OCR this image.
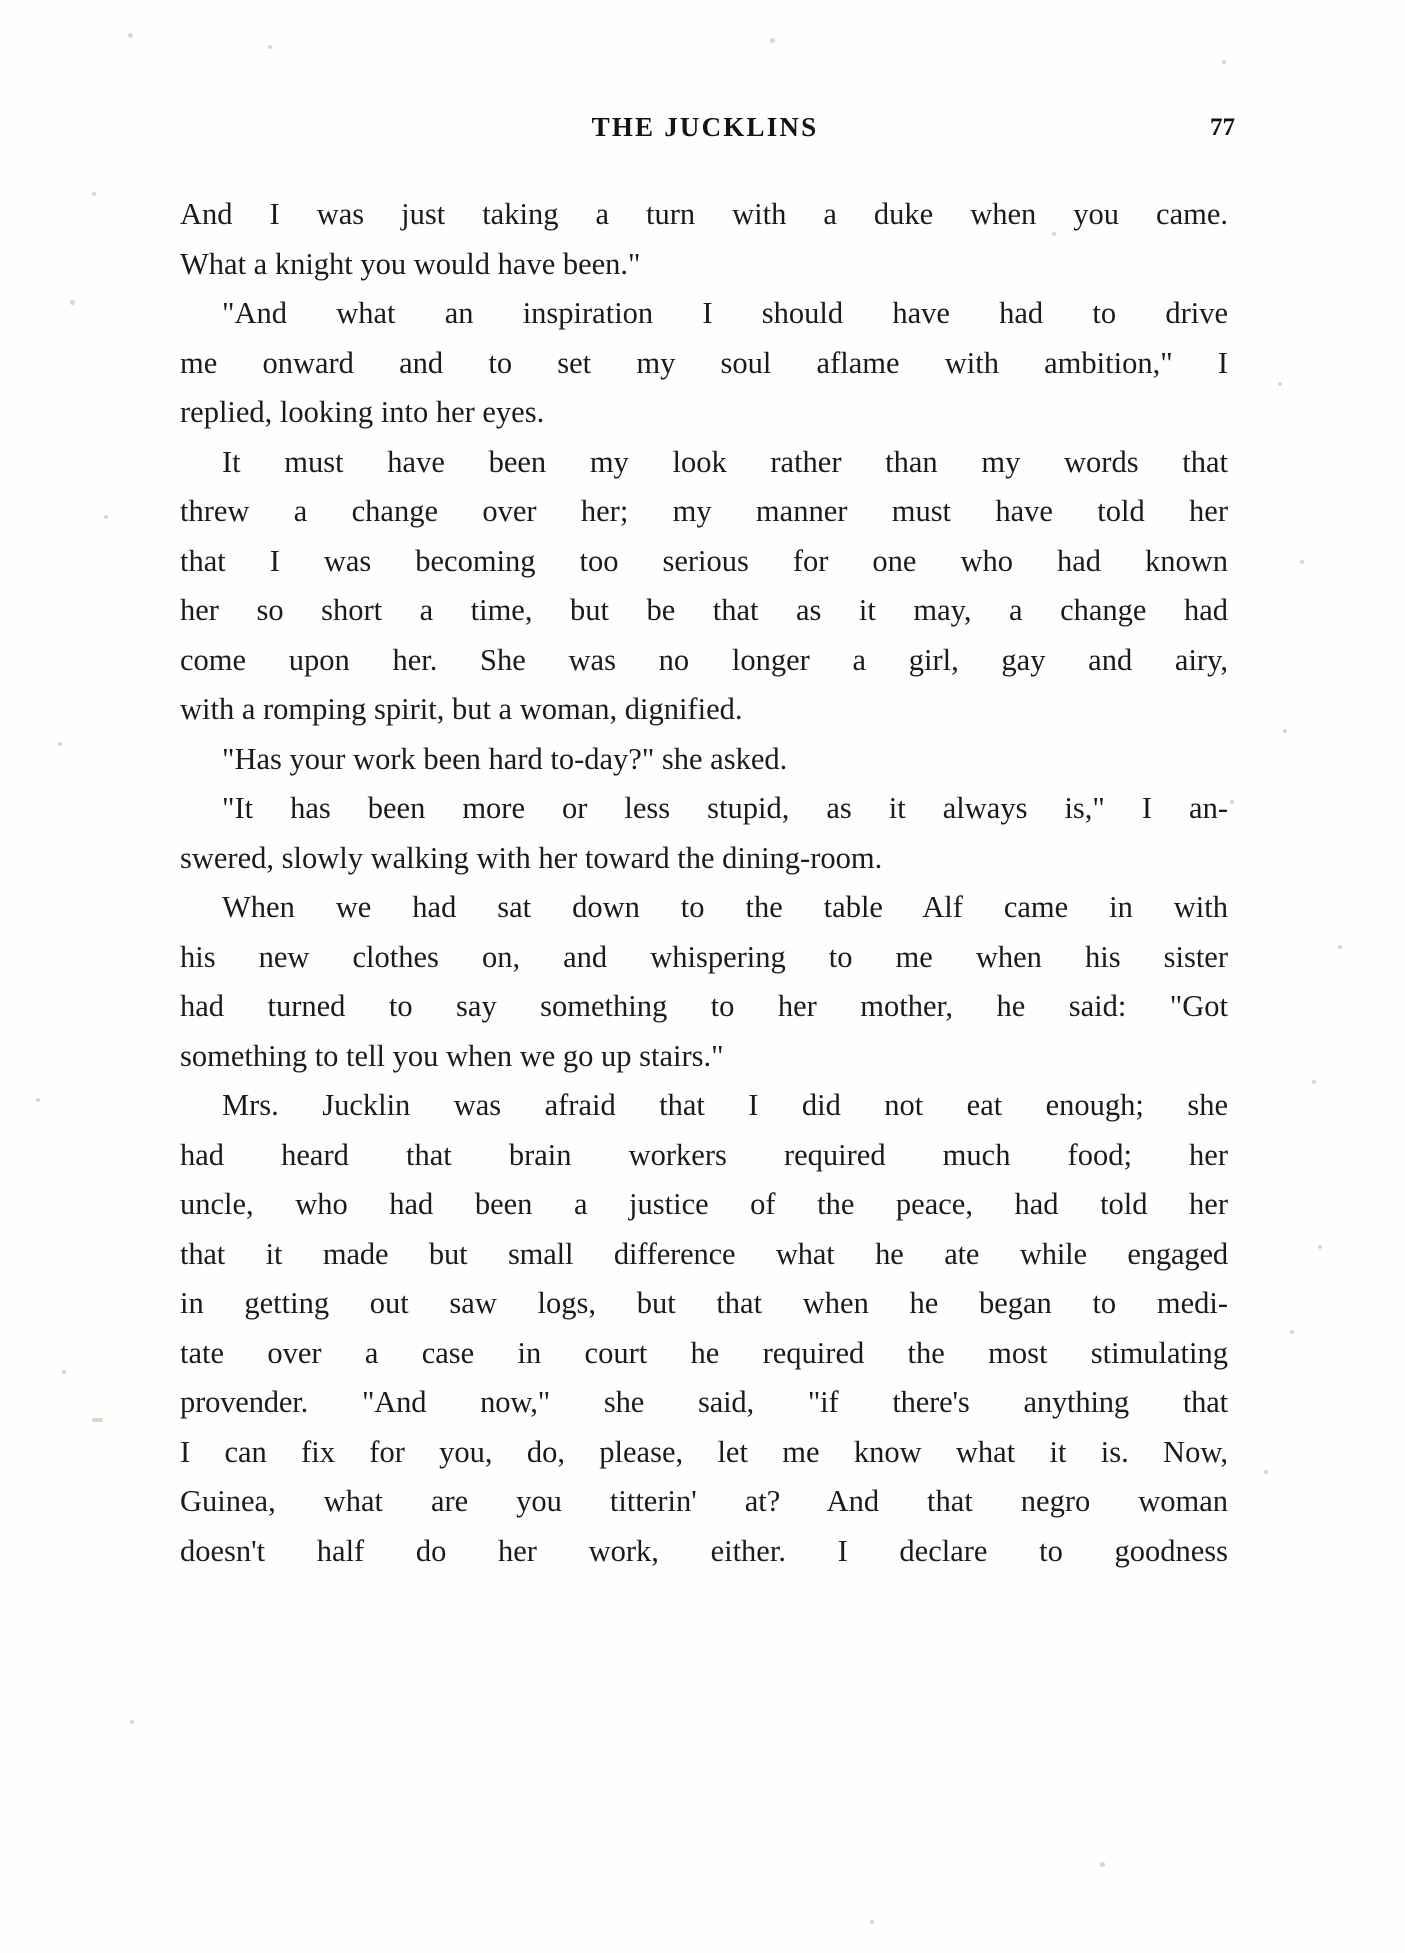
THE JUCKLINS	77

And I was just taking a turn with a duke when you came.
What a knight you would have been."

"And what an inspiration I should have had to drive
me onward and to set my soul aflame with ambition," I
replied, looking into her eyes.

It must have been my look rather than my words that
threw a change over her; my manner must have told her
that I was becoming too serious for one who had known
her so short a time, but be that as it may, a change had
come upon her. She was no longer a girl, gay and airy,
with a romping spirit, but a woman, dignified.

"Has your work been hard to-day?" she asked.

"It has been more or less stupid, as it always is," I an-
swered, slowly walking with her toward the dining-room.

When we had sat down to the table Alf came in with
his new clothes on, and whispering to me when his sister
had turned to say something to her mother, he said: "Got
something to tell you when we go up stairs."

Mrs. Jucklin was afraid that I did not eat enough; she
had heard that brain workers required much food; her
uncle, who had been a justice of the peace, had told her
that it made but small difference what he ate while engaged
in getting out saw logs, but that when he began to medi-
tate over a case in court he required the most stimulating
provender. "And now," she said, "if there's anything that
I can fix for you, do, please, let me know what it is. Now,
Guinea, what are you titterin' at? And that negro woman
doesn't half do her work, either. I declare to goodness
